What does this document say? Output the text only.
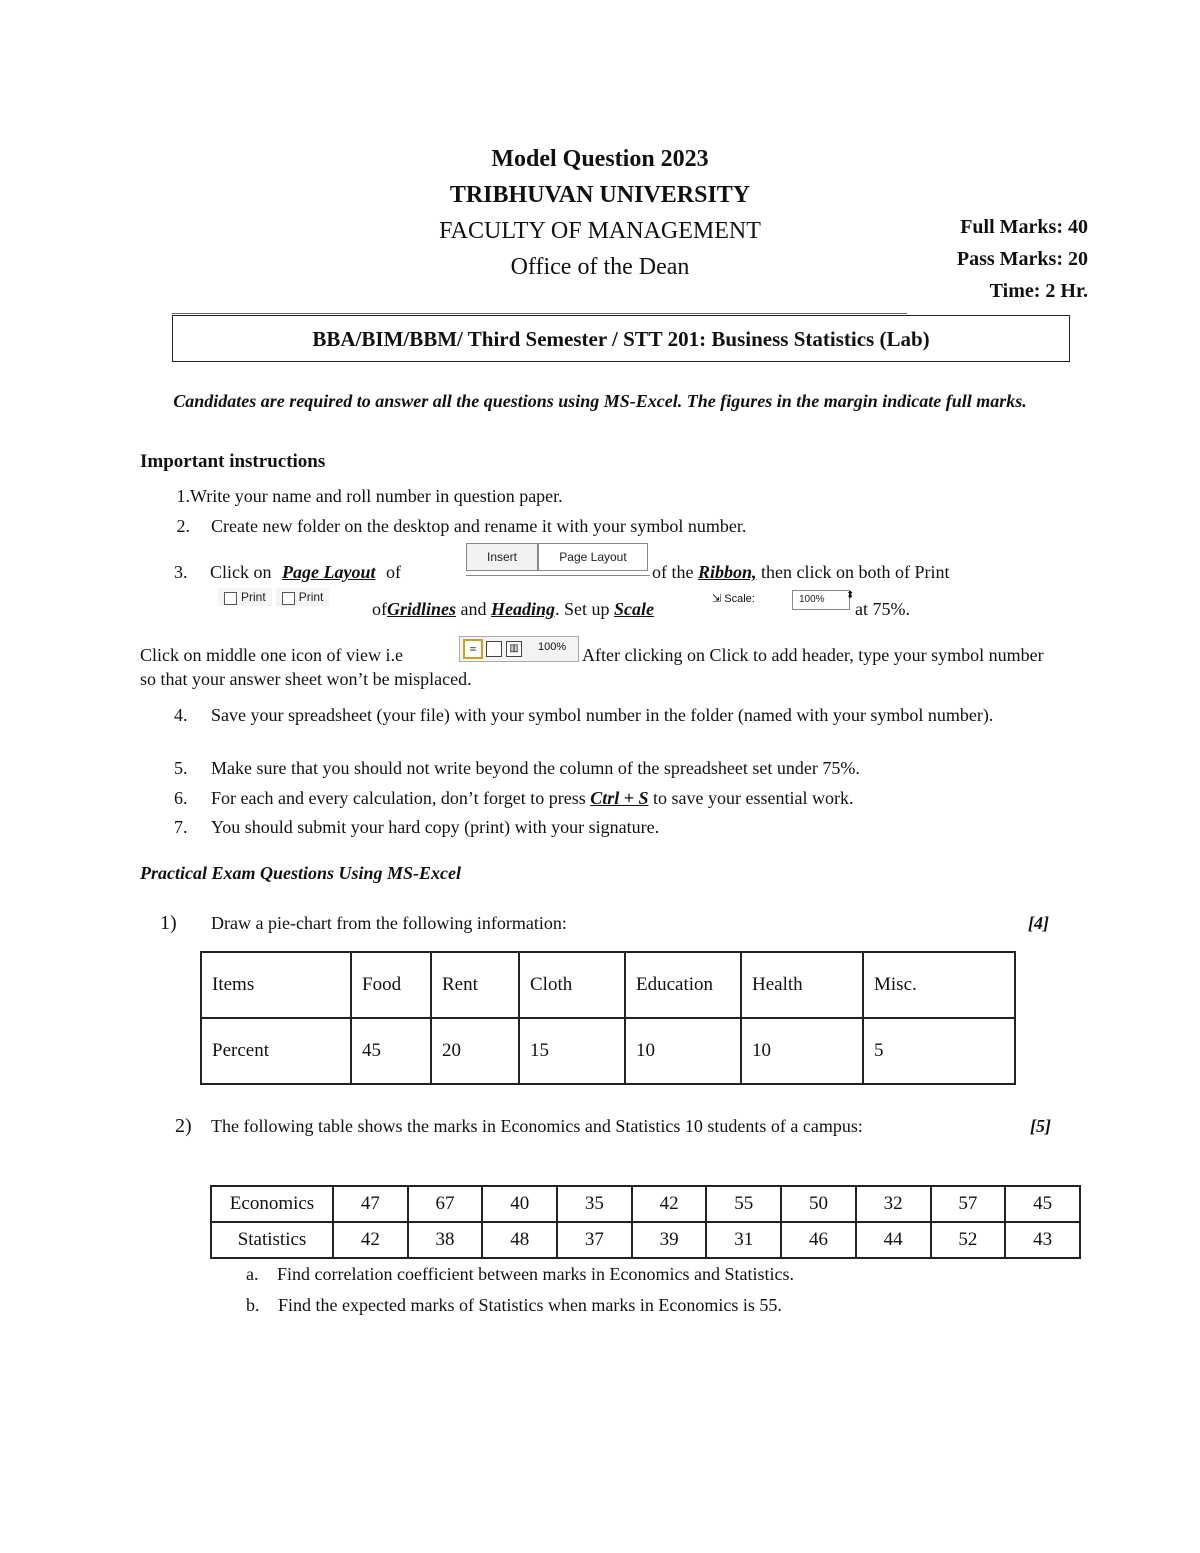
Model Question 2023
TRIBHUVAN UNIVERSITY
FACULTY OF MANAGEMENT
Office of the Dean
Full Marks: 40
Pass Marks: 20
Time: 2 Hr.
BBA/BIM/BBM/ Third Semester / STT 201: Business Statistics (Lab)
Candidates are required to answer all the questions using MS-Excel. The figures in the margin indicate full marks.
Important instructions
1.Write your name and roll number in question paper.
2. Create new folder on the desktop and rename it with your symbol number.
3. Click on Page Layout of
Insert	Page Layout
of the Ribbon, then click on both of Print
Print	Print
ofGridlines and Heading. Set up Scale	⇲ Scale:	100%	⬍
at 75%.
Click on middle one icon of view i.e	≡	▥ 100% After clicking on Click to add header, type your symbol number so that your answer sheet won’t be misplaced.
4. Save your spreadsheet (your file) with your symbol number in the folder (named with your symbol number).
5. Make sure that you should not write beyond the column of the spreadsheet set under 75%.
6. For each and every calculation, don’t forget to press Ctrl + S to save your essential work.
7. You should submit your hard copy (print) with your signature.
Practical Exam Questions Using MS-Excel
1) Draw a pie-chart from the following information:	[4]
Items	Food	Rent	Cloth	Education	Health	Misc.
Percent	45	20	15	10	10	5
2) The following table shows the marks in Economics and Statistics 10 students of a campus:	[5]
Economics	47	67	40	35	42	55	50	32	57	45
Statistics	42	38	48	37	39	31	46	44	52	43
a. Find correlation coefficient between marks in Economics and Statistics.
b. Find the expected marks of Statistics when marks in Economics is 55.
